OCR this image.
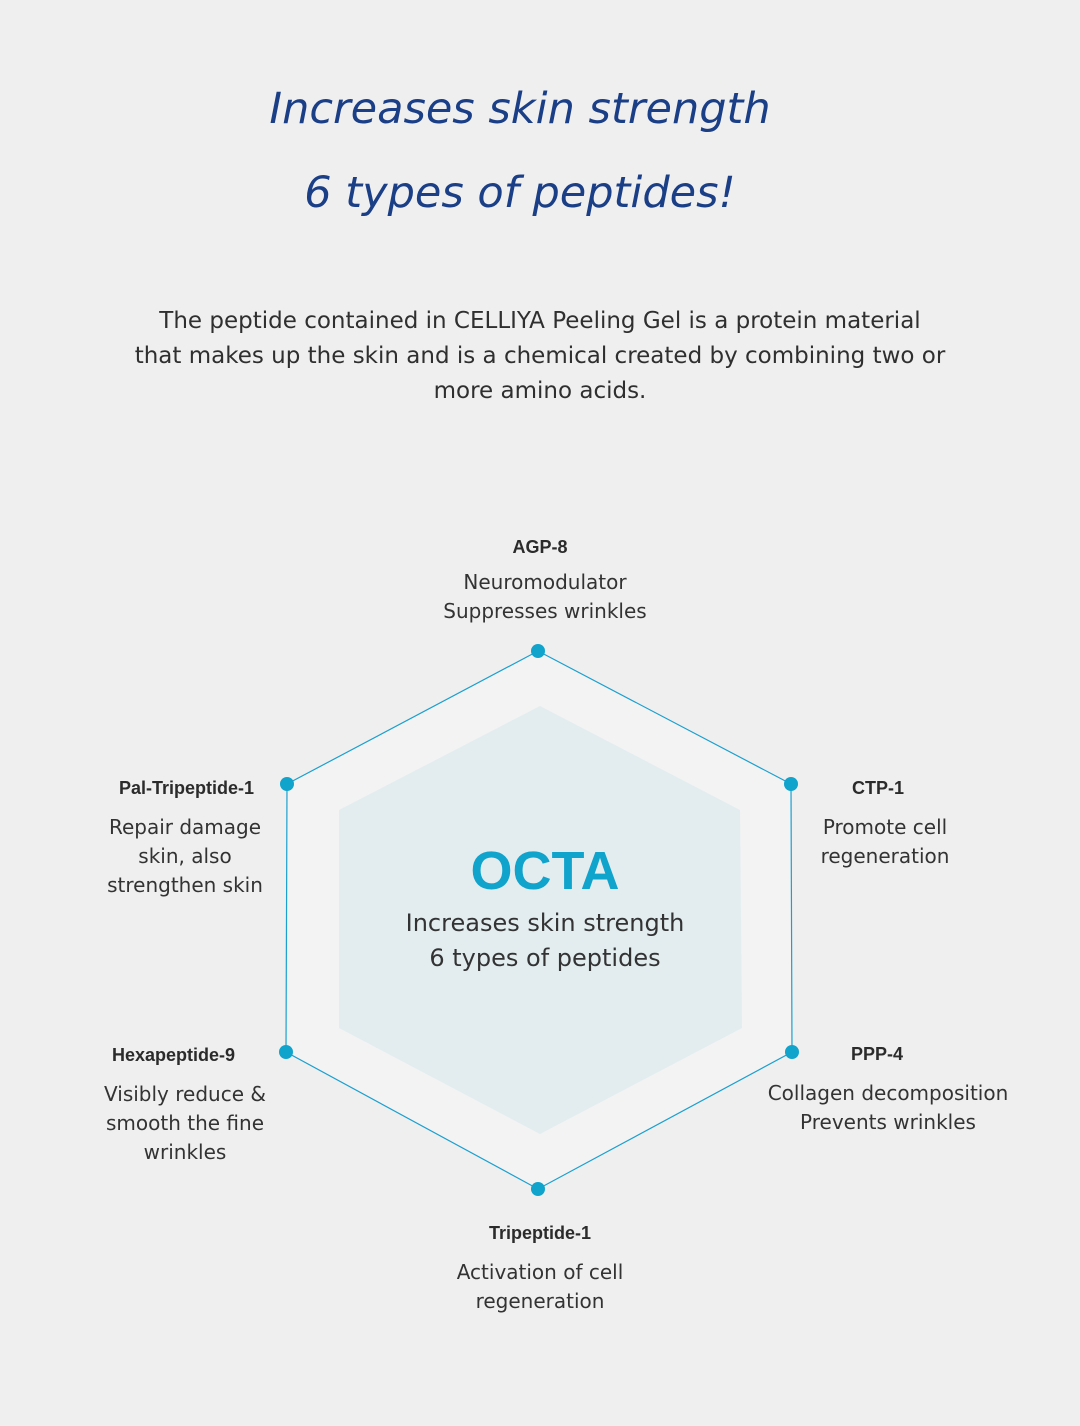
Increases skin strength
6 types of peptides!
The peptide contained in CELLIYA Peeling Gel is a protein material
that makes up the skin and is a chemical created by combining two or
more amino acids.
OCTA
Increases skin strength
6 types of peptides
AGP-8
Neuromodulator
Suppresses wrinkles
CTP-1
Promote cell
regeneration
PPP-4
Collagen decomposition
Prevents wrinkles
Tripeptide-1
Activation of cell
regeneration
Hexapeptide-9
Visibly reduce &
smooth the fine
wrinkles
Pal-Tripeptide-1
Repair damage
skin, also
strengthen skin
